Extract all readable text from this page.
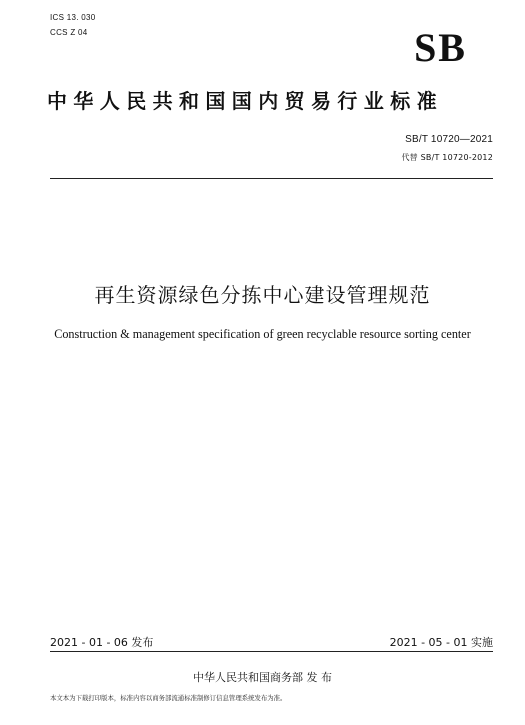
ICS 13. 030
CCS Z 04	SB
中华人民共和国国内贸易行业标准
SB/T 10720—2021
代替 SB/T 10720-2012
再生资源绿色分拣中心建设管理规范
Construction & management specification of green recyclable resource sorting center
2021 - 01 - 06 发布	2021 - 05 - 01 实施
中华人民共和国商务部 发 布
本文本为下载打印版本，标准内容以商务部流通标准制修订信息管理系统发布为准。
